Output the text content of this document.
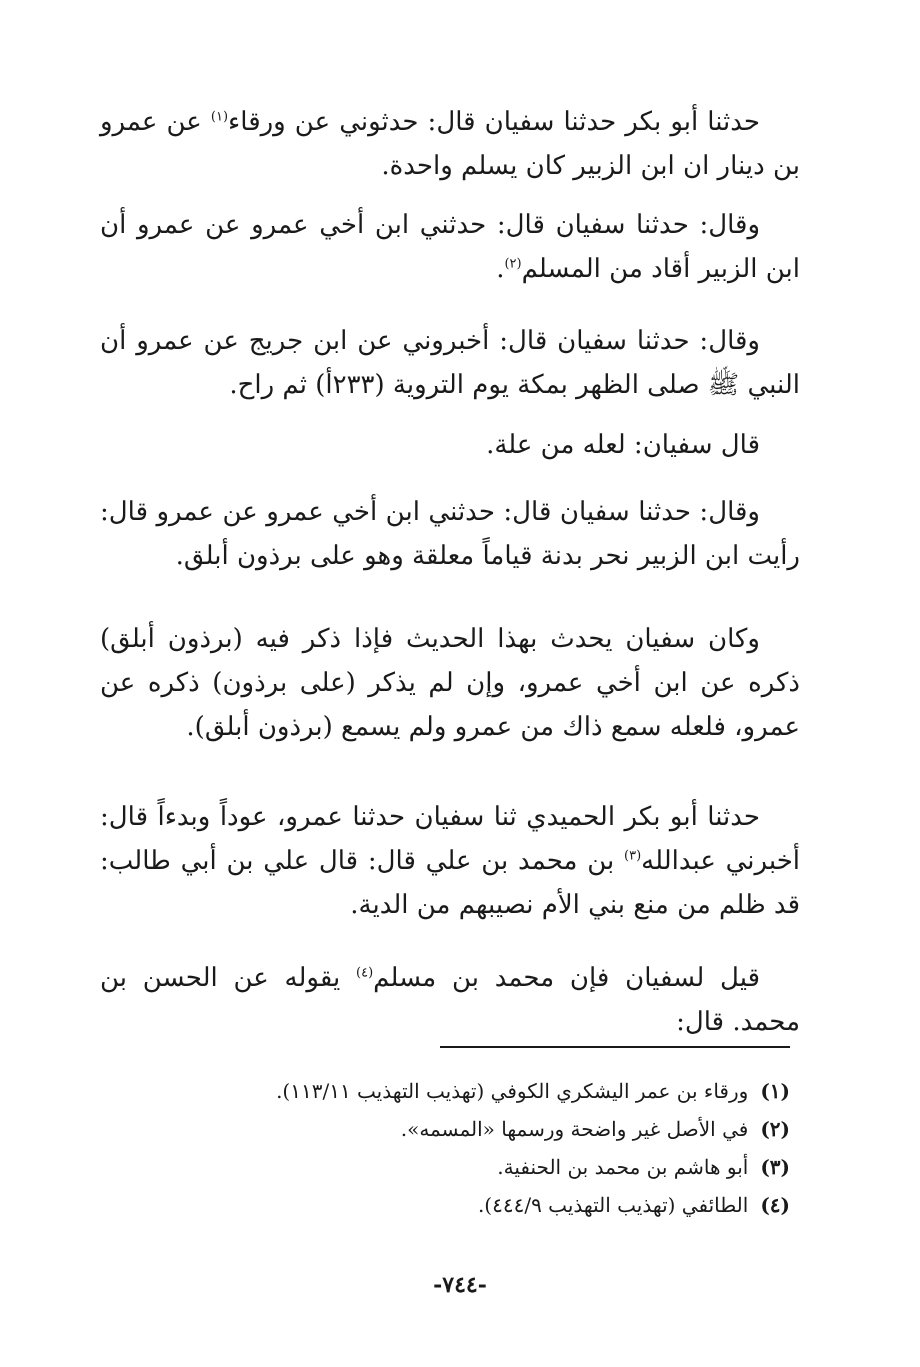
حدثنا أبو بكر حدثنا سفيان قال: حدثوني عن ورقاء$^{(١)}$ عن عمرو بن دينار ان ابن الزبير كان يسلم واحدة.

وقال: حدثنا سفيان قال: حدثني ابن أخي عمرو عن عمرو أن ابن الزبير أقاد من المسلم$^{(٢)}$.

وقال: حدثنا سفيان قال: أخبروني عن ابن جريج عن عمرو أن النبي ﷺ صلى الظهر بمكة يوم التروية (٢٣٣أ) ثم راح.

قال سفيان: لعله من علة.

وقال: حدثنا سفيان قال: حدثني ابن أخي عمرو عن عمرو قال: رأيت ابن الزبير نحر بدنة قياماً معلقة وهو على برذون أبلق.

وكان سفيان يحدث بهذا الحديث فإذا ذكر فيه (برذون أبلق) ذكره عن ابن أخي عمرو، وإن لم يذكر (على برذون) ذكره عن عمرو، فلعله سمع ذاك من عمرو ولم يسمع (برذون أبلق).

حدثنا أبو بكر الحميدي ثنا سفيان حدثنا عمرو، عوداً وبدءاً قال: أخبرني عبدالله$^{(٣)}$ بن محمد بن علي قال: قال علي بن أبي طالب: قد ظلم من منع بني الأم نصيبهم من الدية.

قيل لسفيان فإن محمد بن مسلم$^{(٤)}$ يقوله عن الحسن بن محمد. قال:

(١)
ورقاء بن عمر اليشكري الكوفي (تهذيب التهذيب ١١٣/١١).
(٢)
في الأصل غير واضحة ورسمها «المسمه».
(٣)
أبو هاشم بن محمد بن الحنفية.
(٤)
الطائفي (تهذيب التهذيب ٤٤٤/٩).
-٧٤٤-
